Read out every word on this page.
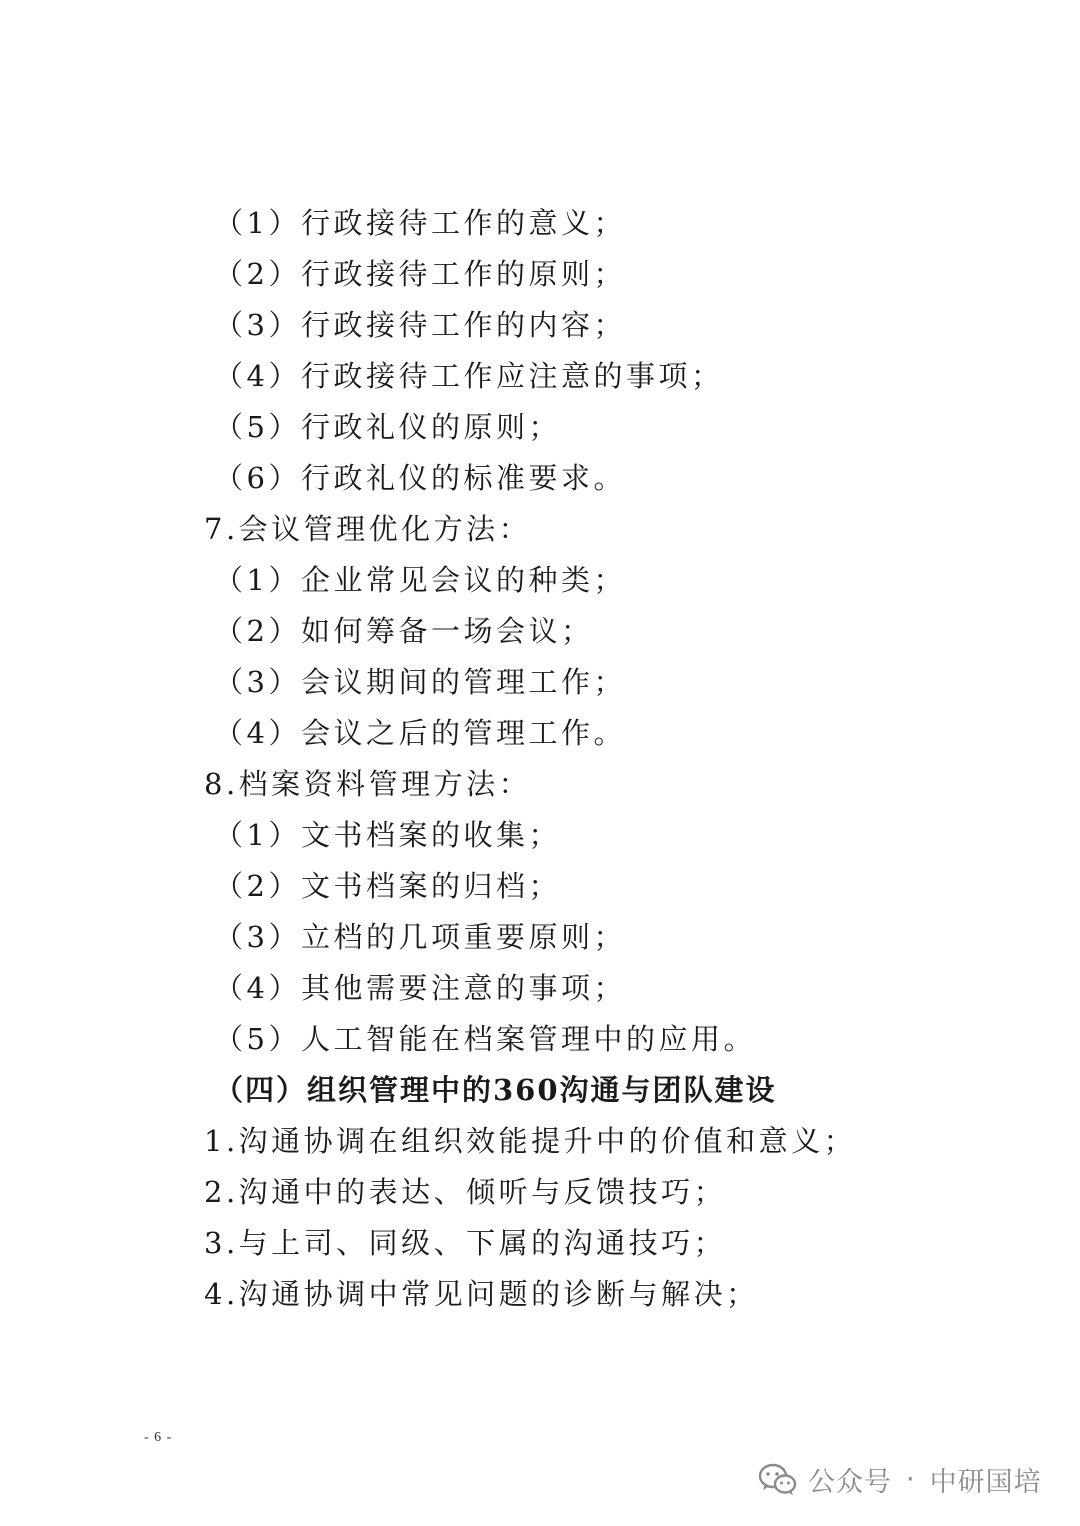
（1）行政接待工作的意义；
（2）行政接待工作的原则；
（3）行政接待工作的内容；
（4）行政接待工作应注意的事项；
（5）行政礼仪的原则；
（6）行政礼仪的标准要求。
7.会议管理优化方法：
（1）企业常见会议的种类；
（2）如何筹备一场会议；
（3）会议期间的管理工作；
（4）会议之后的管理工作。
8.档案资料管理方法：
（1）文书档案的收集；
（2）文书档案的归档；
（3）立档的几项重要原则；
（4）其他需要注意的事项；
（5）人工智能在档案管理中的应用。
（四）组织管理中的360沟通与团队建设
1.沟通协调在组织效能提升中的价值和意义；
2.沟通中的表达、倾听与反馈技巧；
3.与上司、同级、下属的沟通技巧；
4.沟通协调中常见问题的诊断与解决；
- 6 -
公众号 · 中研国培
